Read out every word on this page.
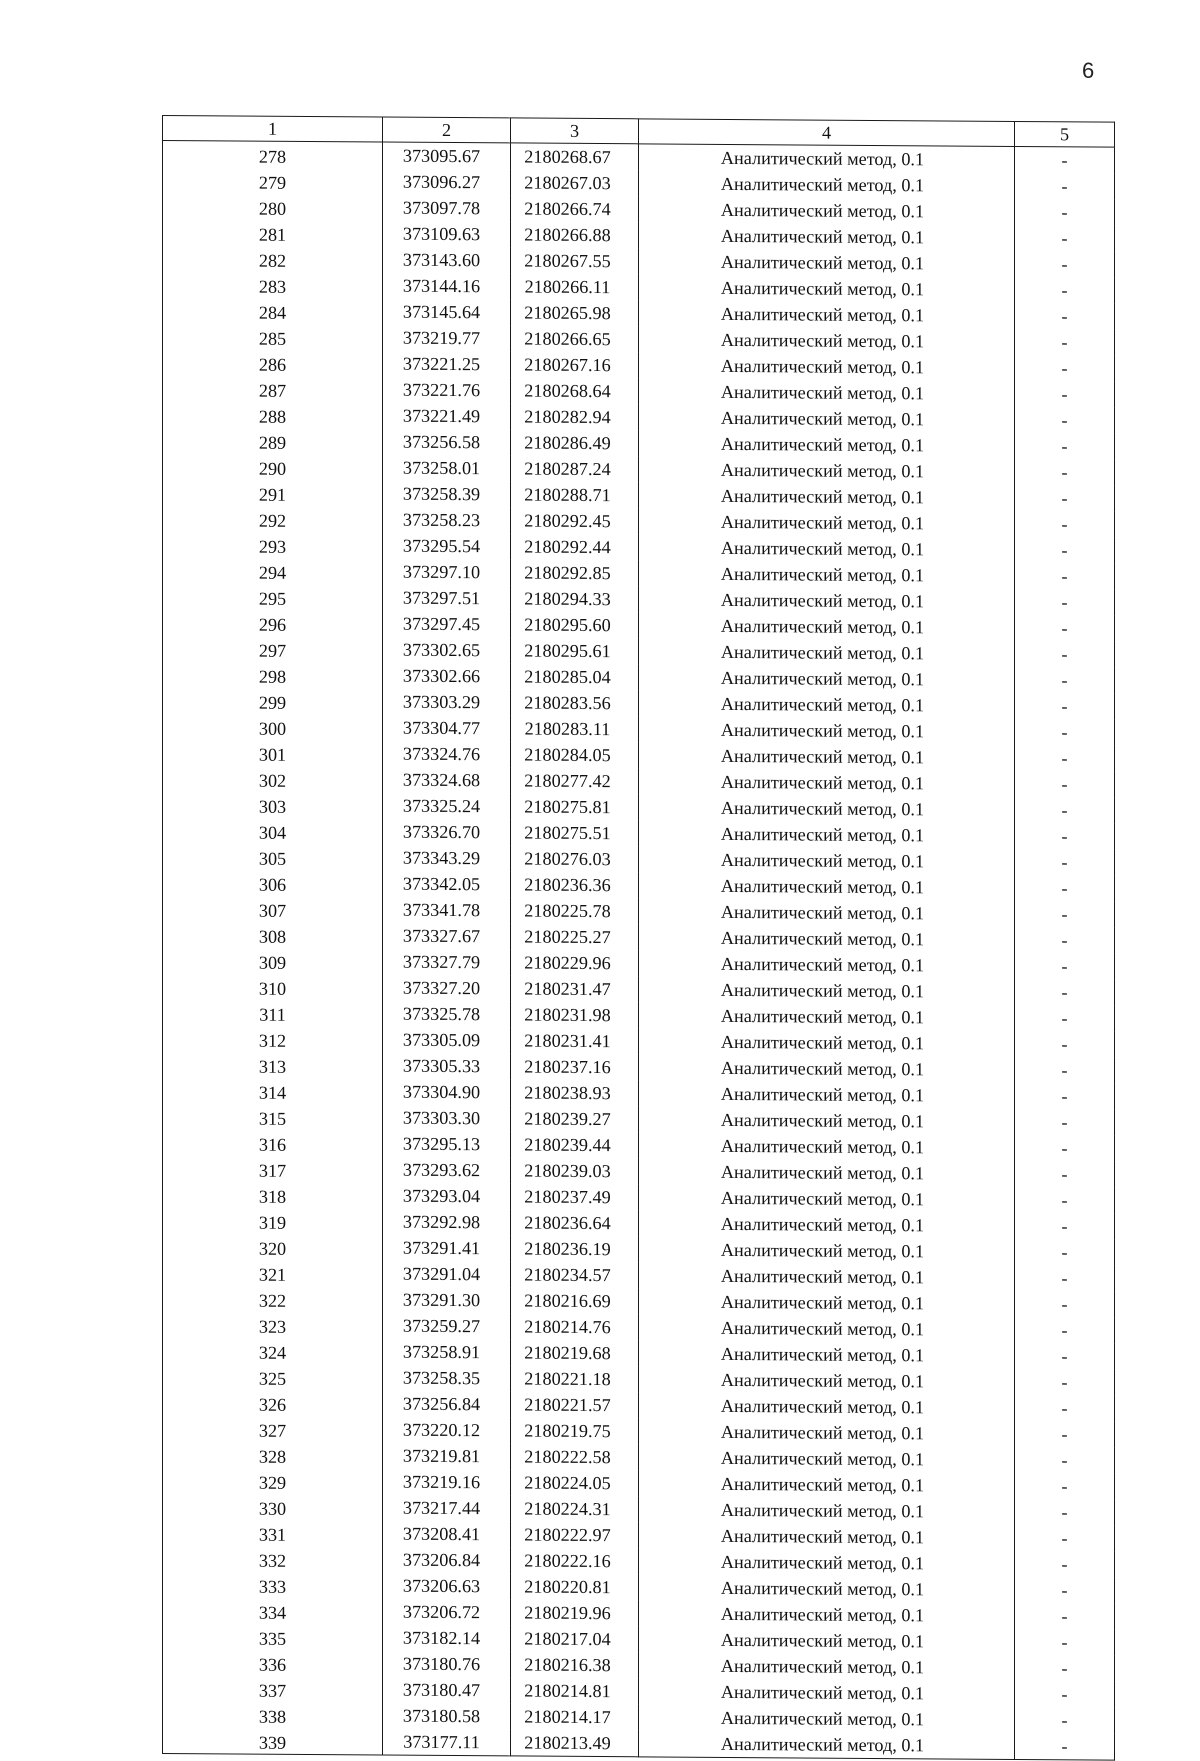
6
1	2	3	4	5
278	373095.67	2180268.67	Аналитический метод, 0.1	-
279	373096.27	2180267.03	Аналитический метод, 0.1	-
280	373097.78	2180266.74	Аналитический метод, 0.1	-
281	373109.63	2180266.88	Аналитический метод, 0.1	-
282	373143.60	2180267.55	Аналитический метод, 0.1	-
283	373144.16	2180266.11	Аналитический метод, 0.1	-
284	373145.64	2180265.98	Аналитический метод, 0.1	-
285	373219.77	2180266.65	Аналитический метод, 0.1	-
286	373221.25	2180267.16	Аналитический метод, 0.1	-
287	373221.76	2180268.64	Аналитический метод, 0.1	-
288	373221.49	2180282.94	Аналитический метод, 0.1	-
289	373256.58	2180286.49	Аналитический метод, 0.1	-
290	373258.01	2180287.24	Аналитический метод, 0.1	-
291	373258.39	2180288.71	Аналитический метод, 0.1	-
292	373258.23	2180292.45	Аналитический метод, 0.1	-
293	373295.54	2180292.44	Аналитический метод, 0.1	-
294	373297.10	2180292.85	Аналитический метод, 0.1	-
295	373297.51	2180294.33	Аналитический метод, 0.1	-
296	373297.45	2180295.60	Аналитический метод, 0.1	-
297	373302.65	2180295.61	Аналитический метод, 0.1	-
298	373302.66	2180285.04	Аналитический метод, 0.1	-
299	373303.29	2180283.56	Аналитический метод, 0.1	-
300	373304.77	2180283.11	Аналитический метод, 0.1	-
301	373324.76	2180284.05	Аналитический метод, 0.1	-
302	373324.68	2180277.42	Аналитический метод, 0.1	-
303	373325.24	2180275.81	Аналитический метод, 0.1	-
304	373326.70	2180275.51	Аналитический метод, 0.1	-
305	373343.29	2180276.03	Аналитический метод, 0.1	-
306	373342.05	2180236.36	Аналитический метод, 0.1	-
307	373341.78	2180225.78	Аналитический метод, 0.1	-
308	373327.67	2180225.27	Аналитический метод, 0.1	-
309	373327.79	2180229.96	Аналитический метод, 0.1	-
310	373327.20	2180231.47	Аналитический метод, 0.1	-
311	373325.78	2180231.98	Аналитический метод, 0.1	-
312	373305.09	2180231.41	Аналитический метод, 0.1	-
313	373305.33	2180237.16	Аналитический метод, 0.1	-
314	373304.90	2180238.93	Аналитический метод, 0.1	-
315	373303.30	2180239.27	Аналитический метод, 0.1	-
316	373295.13	2180239.44	Аналитический метод, 0.1	-
317	373293.62	2180239.03	Аналитический метод, 0.1	-
318	373293.04	2180237.49	Аналитический метод, 0.1	-
319	373292.98	2180236.64	Аналитический метод, 0.1	-
320	373291.41	2180236.19	Аналитический метод, 0.1	-
321	373291.04	2180234.57	Аналитический метод, 0.1	-
322	373291.30	2180216.69	Аналитический метод, 0.1	-
323	373259.27	2180214.76	Аналитический метод, 0.1	-
324	373258.91	2180219.68	Аналитический метод, 0.1	-
325	373258.35	2180221.18	Аналитический метод, 0.1	-
326	373256.84	2180221.57	Аналитический метод, 0.1	-
327	373220.12	2180219.75	Аналитический метод, 0.1	-
328	373219.81	2180222.58	Аналитический метод, 0.1	-
329	373219.16	2180224.05	Аналитический метод, 0.1	-
330	373217.44	2180224.31	Аналитический метод, 0.1	-
331	373208.41	2180222.97	Аналитический метод, 0.1	-
332	373206.84	2180222.16	Аналитический метод, 0.1	-
333	373206.63	2180220.81	Аналитический метод, 0.1	-
334	373206.72	2180219.96	Аналитический метод, 0.1	-
335	373182.14	2180217.04	Аналитический метод, 0.1	-
336	373180.76	2180216.38	Аналитический метод, 0.1	-
337	373180.47	2180214.81	Аналитический метод, 0.1	-
338	373180.58	2180214.17	Аналитический метод, 0.1	-
339	373177.11	2180213.49	Аналитический метод, 0.1	-
